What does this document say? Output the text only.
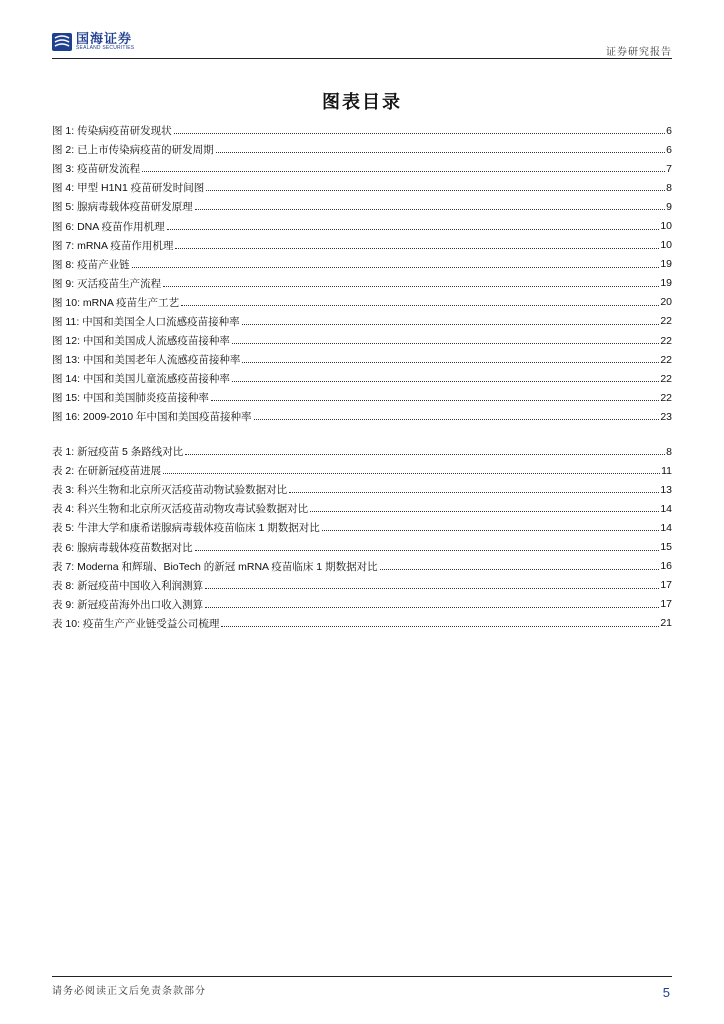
国海证券
SEALAND SECURITIES	证券研究报告
图表目录
图 1: 传染病疫苗研发现状	6
图 2: 已上市传染病疫苗的研发周期	6
图 3: 疫苗研发流程	7
图 4: 甲型 H1N1 疫苗研发时间图	8
图 5: 腺病毒载体疫苗研发原理	9
图 6: DNA 疫苗作用机理	10
图 7: mRNA 疫苗作用机理	10
图 8: 疫苗产业链	19
图 9: 灭活疫苗生产流程	19
图 10: mRNA 疫苗生产工艺	20
图 11: 中国和美国全人口流感疫苗接种率	22
图 12: 中国和美国成人流感疫苗接种率	22
图 13: 中国和美国老年人流感疫苗接种率	22
图 14: 中国和美国儿童流感疫苗接种率	22
图 15: 中国和美国肺炎疫苗接种率	22
图 16: 2009-2010 年中国和美国疫苗接种率	23
表 1: 新冠疫苗 5 条路线对比	8
表 2: 在研新冠疫苗进展	11
表 3: 科兴生物和北京所灭活疫苗动物试验数据对比	13
表 4: 科兴生物和北京所灭活疫苗动物攻毒试验数据对比	14
表 5: 牛津大学和康希诺腺病毒载体疫苗临床 1 期数据对比	14
表 6: 腺病毒载体疫苗数据对比	15
表 7: Moderna 和辉瑞、BioTech 的新冠 mRNA 疫苗临床 1 期数据对比	16
表 8: 新冠疫苗中国收入利润测算	17
表 9: 新冠疫苗海外出口收入测算	17
表 10: 疫苗生产产业链受益公司梳理	21
请务必阅读正文后免责条款部分	5
